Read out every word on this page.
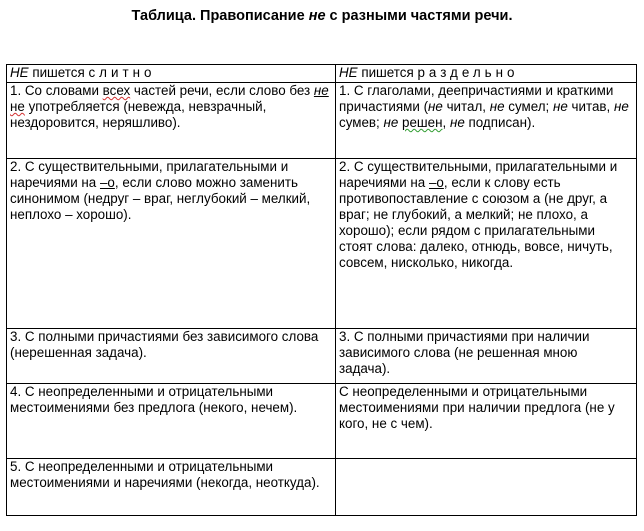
Таблица. Правописание не с разными частями речи.
НЕ пишется слитно	НЕ пишется раздельно
1. Со словами всех частей речи, если слово без не не употребляется (невежда, невзрачный, нездоровится, неряшливо).	1. С глаголами, деепричастиями и краткими причастиями (не читал, не сумел; не читав, не сумев; не решен, не подписан).
2. С существительными, прилагательными и наречиями на –о, если слово можно заменить синонимом (недруг – враг, неглубокий – мелкий, неплохо – хорошо).	2. С существительными, прилагательными и наречиями на –о, если к слову есть противопоставление с союзом а (не друг, а враг; не глубокий, а мелкий; не плохо, а хорошо); если рядом с прилагательными стоят слова: далеко, отнюдь, вовсе, ничуть, совсем, нисколько, никогда.
3. С полными причастиями без зависимого слова (нерешенная задача).	3. С полными причастиями при наличии зависимого слова (не решенная мною задача).
4. С неопределенными и отрицательными местоимениями без предлога (некого, нечем).	С неопределенными и отрицательными местоимениями при наличии предлога (не у кого, не с чем).
5. С неопределенными и отрицательными местоимениями и наречиями (некогда, неоткуда).	
